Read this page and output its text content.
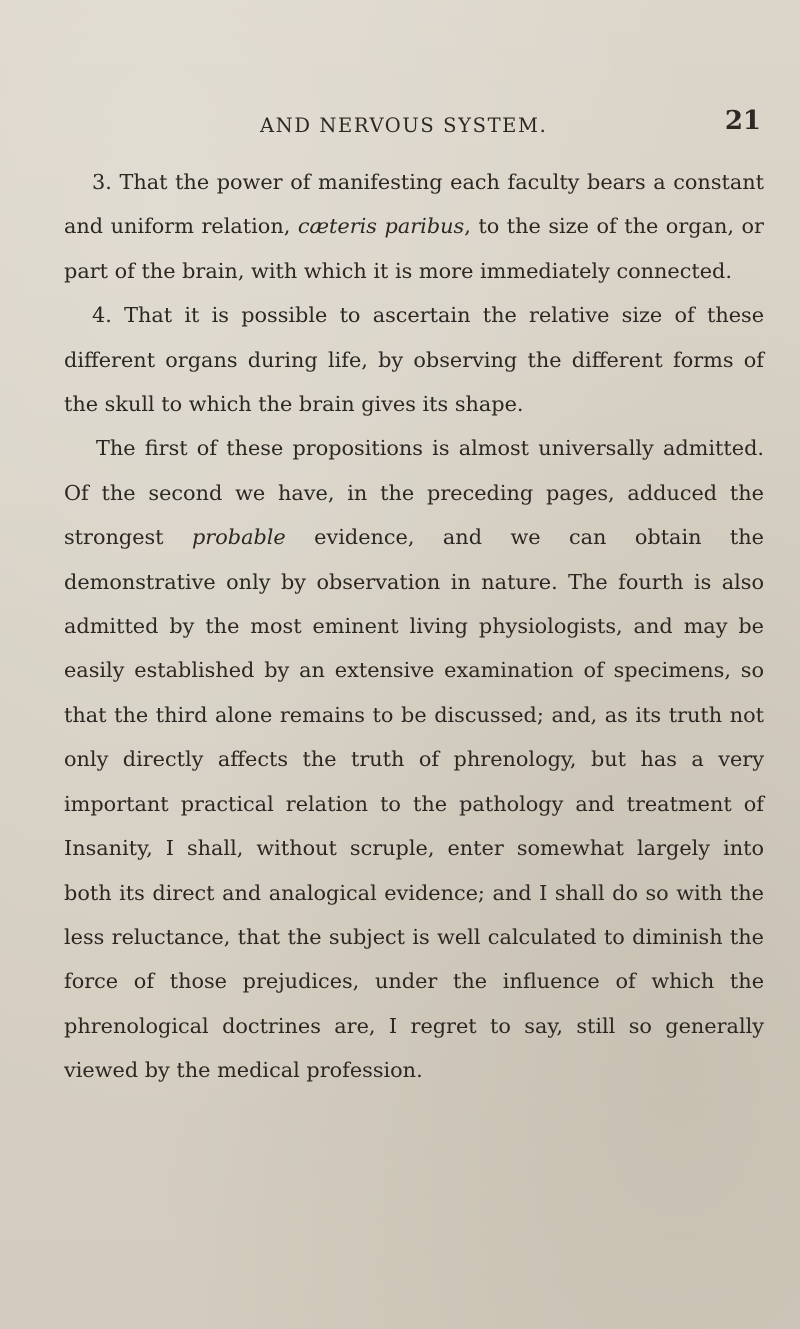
AND NERVOUS SYSTEM.	21

3. That the power of manifesting each faculty bears a constant and uniform relation, cæteris paribus, to the size of the organ, or part of the brain, with which it is more immediately connected.

4. That it is possible to ascertain the relative size of these different organs during life, by observing the different forms of the skull to which the brain gives its shape.

The first of these propositions is almost universally admitted. Of the second we have, in the preceding pages, adduced the strongest probable evidence, and we can obtain the demonstrative only by observation in nature. The fourth is also admitted by the most eminent living physiologists, and may be easily established by an extensive examination of specimens, so that the third alone remains to be discussed; and, as its truth not only directly affects the truth of phrenology, but has a very important practical relation to the pathology and treatment of Insanity, I shall, without scruple, enter somewhat largely into both its direct and analogical evidence; and I shall do so with the less reluctance, that the subject is well calculated to diminish the force of those prejudices, under the influence of which the phrenological doctrines are, I regret to say, still so generally viewed by the medical profession.
